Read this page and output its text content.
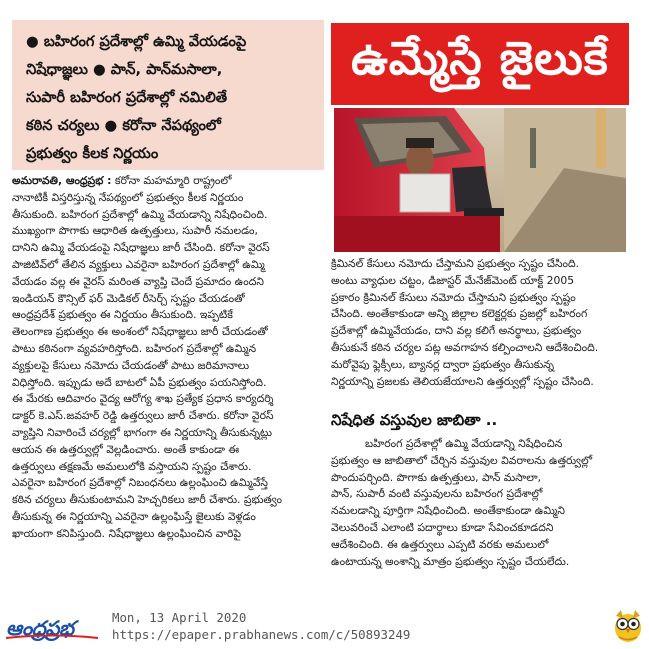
● బహిరంగ ప్రదేశాల్లో ఉమ్మి వేయడంపై

నిషేధాజ్ఞలు ● పాన్, పాన్‌మసాలా,

సుపారీ బహిరంగ ప్రదేశాల్లో నమిలితే

కఠిన చర్యలు ● కరోనా నేపథ్యంలో

ప్రభుత్వం కీలక నిర్ణయం

ఉమ్మేస్తే జైలుకే
అమరావతి, ఆంధ్రప్రభ : కరోనా మహమ్మారి రాష్ట్రంలో
నానాటికీ విస్తరిస్తున్న నేపథ్యంలో ప్రభుత్వం కీలక నిర్ణయం
తీసుకుంది. బహిరంగ ప్రదేశాల్లో ఉమ్మి వేయడాన్ని నిషేధించింది.
ముఖ్యంగా పొగాకు ఆధారిత ఉత్పత్తులు, సుపారీ నమలడం,
దానిని ఉమ్మి వేయడంపై నిషేధాజ్ఞలు జారీ చేసింది. కరోనా వైరస్
పాజిటివ్‌లో తేలిన వ్యక్తులు ఎవరైనా బహిరంగ ప్రదేశాల్లో ఉమ్మి
వేయడం వల్ల ఈ వైరస్ మరింత వ్యాప్తి చెందే ప్రమాదం ఉందని
ఇండియన్ కౌన్సిల్ ఫర్ మెడికల్ రీసెర్చ్ స్పష్టం చేయడంతో
ఆంధ్రప్రదేశ్ ప్రభుత్వం ఈ నిర్ణయం తీసుకుంది. ఇప్పటికే
తెలంగాణ ప్రభుత్వం ఈ అంశంలో నిషేధాజ్ఞలు జారీ చేయడంతో
పాటు కఠినంగా వ్యవహరిస్తోంది. బహిరంగ ప్రదేశాల్లో ఉమ్మిన
వ్యక్తులపై కేసులు నమోదు చేయడంతో పాటు జరిమానాలు
విధిస్తోంది. ఇప్పుడు అదే బాటలో ఏపీ ప్రభుత్వం పయనిస్తోంది.
ఈ మేరకు ఆదివారం వైద్య ఆరోగ్య శాఖ ప్రత్యేక ప్రధాన కార్యదర్శి
డాక్టర్ కె.ఎస్.జవహర్ రెడ్డి ఉత్తర్వులు జారీ చేశారు. కరోనా వైరస్
వ్యాప్తిని నివారించే చర్యల్లో భాగంగా ఈ నిర్ణయాన్ని తీసుకున్నట్లు
ఆయన ఈ ఉత్తర్వుల్లో వెల్లడించారు. అంతే కాకుండా ఈ
ఉత్తర్వులు తక్షణమే అమలులోకి వస్తాయని స్పష్టం చేశారు.
ఎవరైనా బహిరంగ ప్రదేశాల్లో నిబంధనలు ఉల్లంఘించి ఉమ్మివేస్తే
కఠిన చర్యలు తీసుకుంటామని హెచ్చరికలు జారీ చేశారు. ప్రభుత్వం
తీసుకున్న ఈ నిర్ణయాన్ని ఎవరైనా ఉల్లంఘిస్తే జైలుకు వెళ్లడం
ఖాయంగా కనిపిస్తుంది. నిషేధాజ్ఞలు ఉల్లంఘించిన వారిపై
క్రిమినల్ కేసులు నమోదు చేస్తామని ప్రభుత్వం స్పష్టం చేసింది.
అంటు వ్యాధుల చట్టం, డిజాస్టర్ మేనేజ్‌మెంట్ యాక్ట్ 2005
ప్రకారం క్రిమినల్ కేసులు నమోదు చేస్తామని ప్రభుత్వం స్పష్టం
చేసింది. అంతేకాకుండా అన్ని జిల్లాల కలెక్టర్లకు ప్రజల్లో బహిరంగ
ప్రదేశాల్లో ఉమ్మివేయడం, దాని వల్ల కలిగే అనర్థాలు, ప్రభుత్వం
తీసుకునే కఠిన చర్యల పట్ల అవగాహన కల్పించాలని ఆదేశించింది.
మరోవైపు ఫ్లెక్సీలు, బ్యానర్ల ద్వారా ప్రభుత్వం తీసుకున్న
నిర్ణయాన్ని ప్రజలకు తెలియజేయాలని ఉత్తర్వుల్లో స్పష్టం చేసింది.
నిషేధిత వస్తువుల జాబితా ..
బహిరంగ ప్రదేశాల్లో ఉమ్మి వేయడాన్ని నిషేధించిన
ప్రభుత్వం ఆ జాబితాలో చేర్చిన వస్తువుల వివరాలను ఉత్తర్వుల్లో
పొందుపర్చింది. పొగాకు ఉత్పత్తులు, పాన్ మసాలా,
పాన్, సుపారీ వంటి వస్తువులను బహిరంగ ప్రదేశాల్లో
నమలడాన్ని పూర్తిగా నిషేధించింది. అంతేకాకుండా ఉమ్మిని
వెలువరించే ఎలాంటి పదార్థాలు కూడా సేవించకూడదని
ఆదేశించింది. ఈ ఉత్తర్వులు ఎప్పటి వరకు అమలులో
ఉంటాయన్న అంశాన్ని మాత్రం ప్రభుత్వం స్పష్టం చేయలేదు.
ఆంధ్రప్రభ	Mon, 13 April 2020
https://epaper.prabhanews.com/c/50893249
